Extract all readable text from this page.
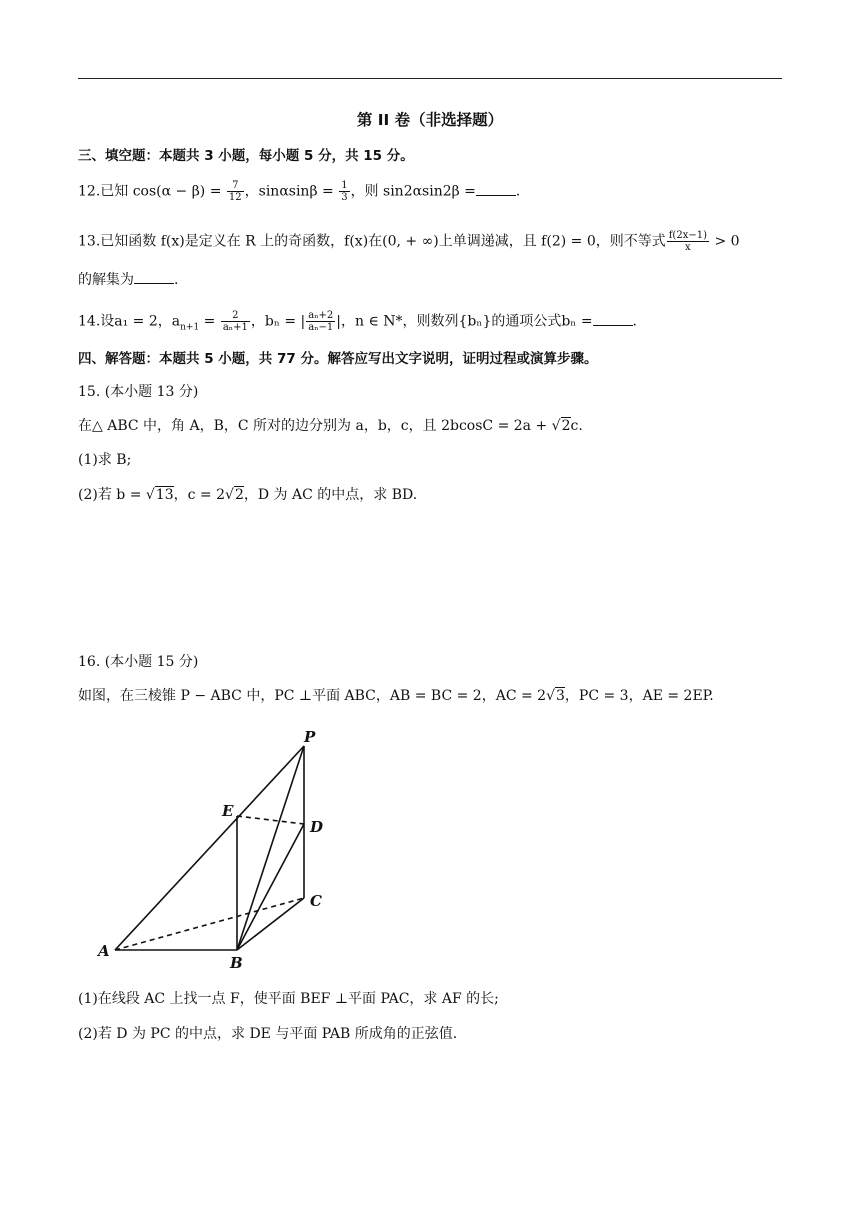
第 II 卷（非选择题）
三、填空题：本题共 3 小题，每小题 5 分，共 15 分。
12.已知 $\cos(\alpha - \beta) = \frac{7}{12}$ ，$\sin\alpha\sin\beta = \frac{1}{3}$ ，则 sin2αsin2β =	.
13.已知函数 f(x)是定义在 R 上的奇函数，f(x)在(0, + ∞)上单调递减，且 f(2) = 0，则不等式 $\frac{f(2x-1)}{x} > 0$
的解集为	.
14.设a₁ = 2，$a_{n+1} = \frac{2}{\text{aₙ+1}}$ ，bₙ = | $\frac{\text{aₙ+2}}{\text{aₙ−1}}$ |，n ∈ N*，则数列{bₙ}的通项公式bₙ =	.
四、解答题：本题共 5 小题，共 77 分。解答应写出文字说明，证明过程或演算步骤。
15. (本小题 13 分)
在△ ABC 中，角 A，B，C 所对的边分别为 a，b，c，且 2bcosC = 2a + √2c.
(1)求 B;
(2)若 b = √13，c = 2√2，D 为 AC 的中点，求 BD.
16. (本小题 15 分)
如图，在三棱锥 P − ABC 中，PC ⊥平面 ABC，AB = BC = 2，AC = 2√3，PC = 3，AE = 2EP.
P
E
D
C
A
B
(1)在线段 AC 上找一点 F，使平面 BEF ⊥平面 PAC，求 AF 的长;
(2)若 D 为 PC 的中点，求 DE 与平面 PAB 所成角的正弦值.
